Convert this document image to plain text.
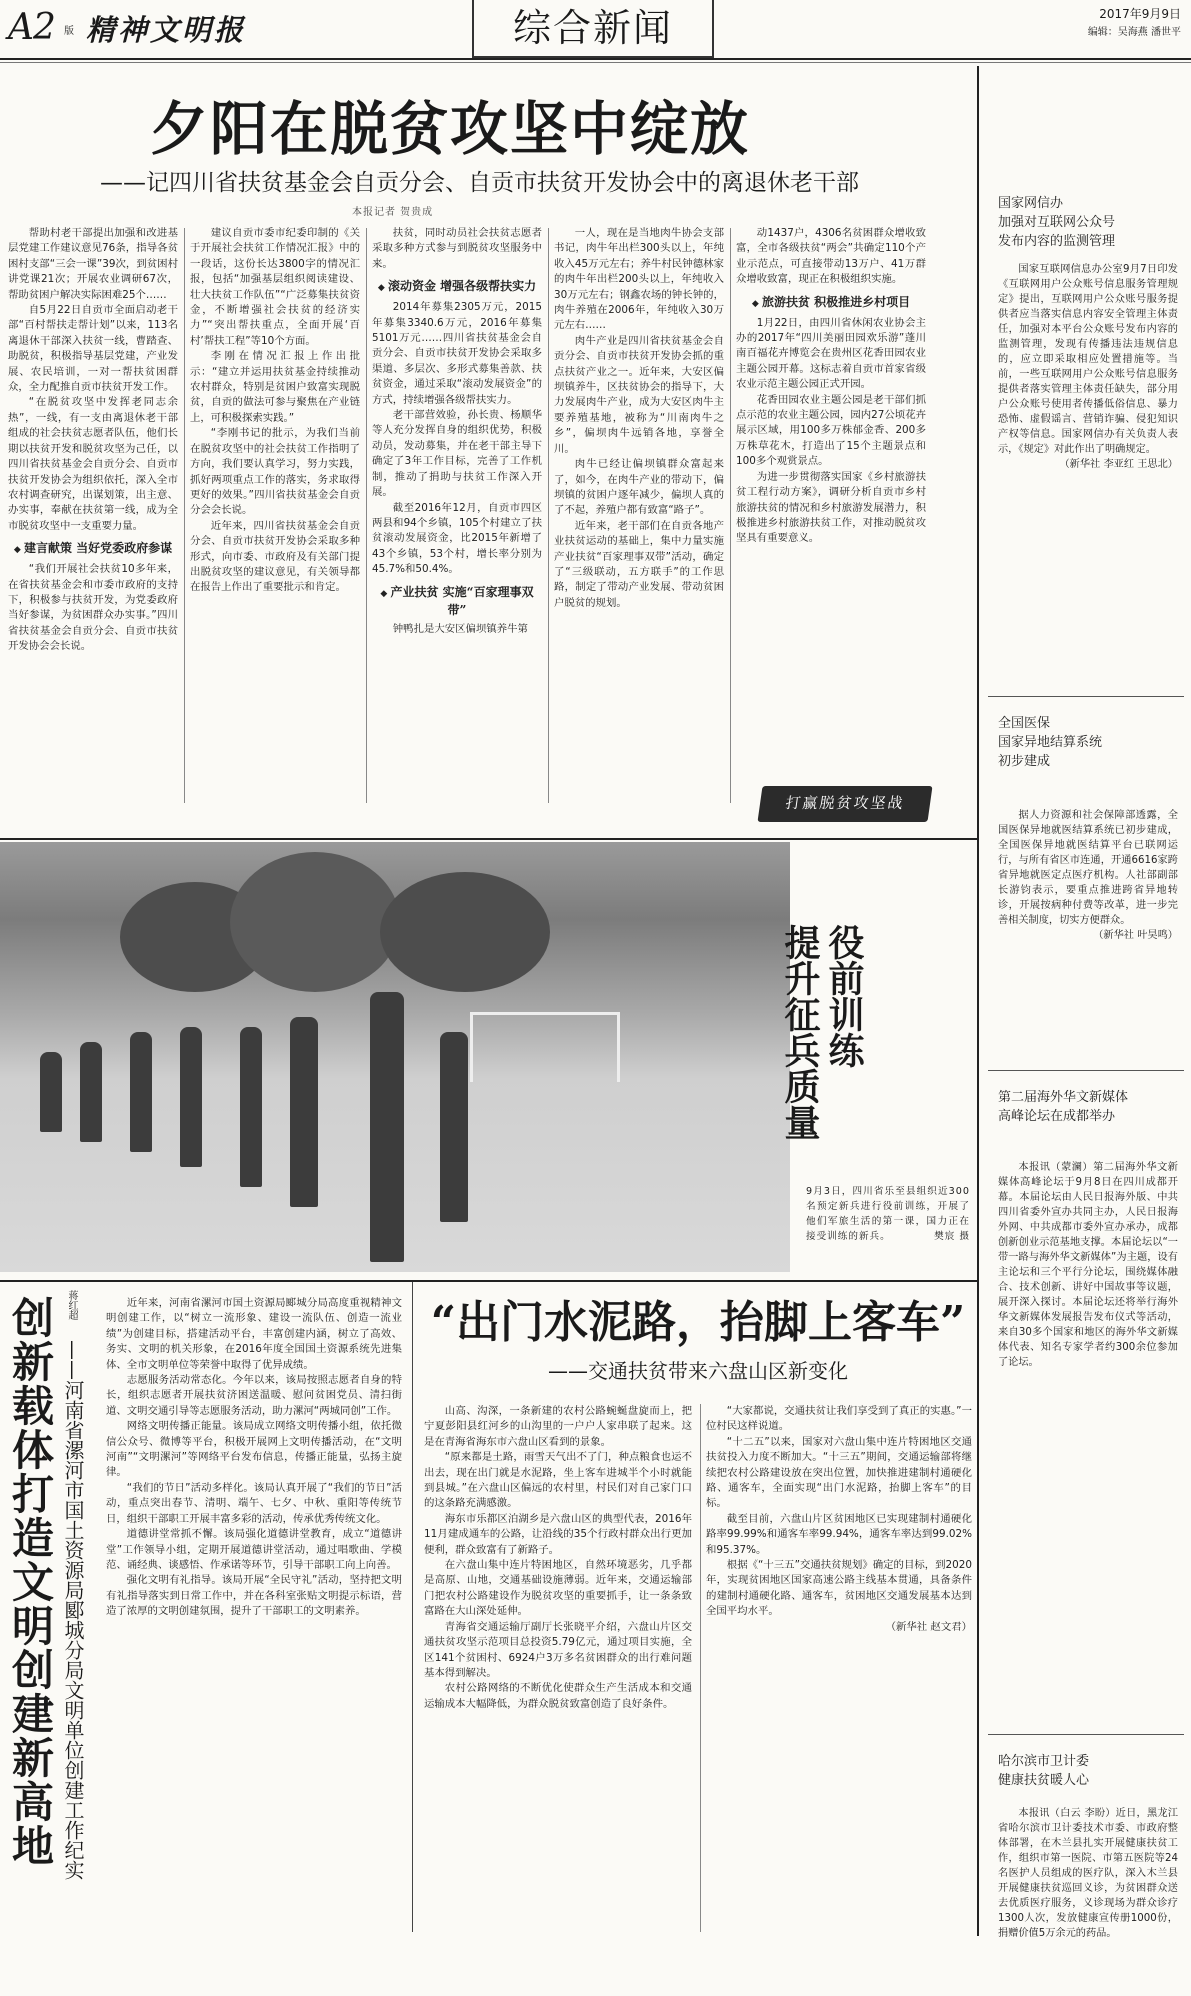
A2 版 精神文明报	综合新闻	2017年9月9日
编辑：吴海燕 潘世平
夕阳在脱贫攻坚中绽放
——记四川省扶贫基金会自贡分会、自贡市扶贫开发协会中的离退休老干部
本报记者 贺贵成

帮助村老干部提出加强和改进基层党建工作建议意见76条，指导各贫困村支部“三会一课”39次，到贫困村讲党课21次；开展农业调研67次，帮助贫困户解决实际困难25个……

自5月22日自贡市全面启动老干部“百村帮扶走帮计划”以来，113名离退休干部深入扶贫一线，曹踏查、助脱贫，积极指导基层党建，产业发展、农民培训，一对一帮扶贫困群众，全力配推自贡市扶贫开发工作。

“在脱贫攻坚中发挥老同志余热”，一线，有一支由离退休老干部组成的社会扶贫志愿者队伍，他们长期以扶贫开发和脱贫攻坚为己任，以四川省扶贫基金会自贡分会、自贡市扶贫开发协会为组织依托，深入全市农村调查研究，出谋划策，出主意、办实事，奉献在扶贫第一线，成为全市脱贫攻坚中一支重要力量。

◆ 建言献策 当好党委政府参谋

“我们开展社会扶贫10多年来，在省扶贫基金会和市委市政府的支持下，积极参与扶贫开发，为党委政府当好参谋，为贫困群众办实事。”四川省扶贫基金会自贡分会、自贡市扶贫开发协会会长说。

建议自贡市委市纪委印制的《关于开展社会扶贫工作情况汇报》中的一段话，这份长达3800字的情况汇报，包括“加强基层组织阅读建设、壮大扶贫工作队伍”“广泛募集扶贫资金，不断增强社会扶贫的经济实力”“突出帮扶重点，全面开展‘百村’帮扶工程”等10个方面。

李刚在情况汇报上作出批示：“建立并运用扶贫基金持续推动农村群众，特别是贫困户致富实现脱贫，自贡的做法可参与聚焦在产业链上，可积极探索实践。”

“李刚书记的批示，为我们当前在脱贫攻坚中的社会扶贫工作指明了方向，我们要认真学习，努力实践，抓好两项重点工作的落实，务求取得更好的效果。”四川省扶贫基金会自贡分会会长说。

近年来，四川省扶贫基金会自贡分会、自贡市扶贫开发协会采取多种形式，向市委、市政府及有关部门提出脱贫攻坚的建议意见，有关领导都在报告上作出了重要批示和肯定。

扶贫，同时动员社会扶贫志愿者采取多种方式参与到脱贫攻坚服务中来。

◆ 滚动资金 增强各级帮扶实力

2014年募集2305万元，2015年募集3340.6万元，2016年募集5101万元……四川省扶贫基金会自贡分会、自贡市扶贫开发协会采取多渠道、多层次、多形式募集善款、扶贫资金，通过采取“滚动发展资金”的方式，持续增强各级帮扶实力。

老干部营效验，孙长贵、杨顺华等人充分发挥自身的组织优势，积极动员，发动募集，并在老干部主导下确定了3年工作目标，完善了工作机制，推动了捐助与扶贫工作深入开展。

截至2016年12月，自贡市四区两县和94个乡镇，105个村建立了扶贫滚动发展资金，比2015年新增了43个乡镇，53个村，增长率分别为45.7%和50.4%。

◆ 产业扶贫 实施“百家理事双带”

钟鸭扎是大安区偏坝镇养牛第

一人，现在是当地肉牛协会支部书记，肉牛年出栏300头以上，年纯收入45万元左右；养牛村民钟德林家的肉牛年出栏200头以上，年纯收入30万元左右；钢鑫农场的钟长钟的，肉牛养殖在2006年，年纯收入30万元左右……

肉牛产业是四川省扶贫基金会自贡分会、自贡市扶贫开发协会抓的重点扶贫产业之一。近年来，大安区偏坝镇养牛，区扶贫协会的指导下，大力发展肉牛产业，成为大安区肉牛主要养殖基地，被称为“川南肉牛之乡”，偏坝肉牛远销各地，享誉全川。

肉牛已经让偏坝镇群众富起来了，如今，在肉牛产业的带动下，偏坝镇的贫困户逐年减少，偏坝人真的了不起，养殖户都有致富“路子”。

近年来，老干部们在自贡各地产业扶贫运动的基础上，集中力量实施产业扶贫“百家理事双带”活动，确定了“三级联动，五方联手”的工作思路，制定了带动产业发展、带动贫困户脱贫的规划。

动1437户，4306名贫困群众增收致富，全市各级扶贫“两会”共确定110个产业示范点，可直接带动13万户、41万群众增收致富，现正在积极组织实施。

◆ 旅游扶贫 积极推进乡村项目

1月22日，由四川省休闲农业协会主办的2017年“四川美丽田园欢乐游”蓬川南百福花卉博览会在贵州区花香田园农业主题公园开幕。这标志着自贡市首家省级农业示范主题公园正式开园。

花香田园农业主题公园是老干部们抓点示范的农业主题公园，园内27公顷花卉展示区域，用100多万株郁金香、200多万株草花木，打造出了15个主题景点和100多个观赏景点。

为进一步贯彻落实国家《乡村旅游扶贫工程行动方案》，调研分析自贡市乡村旅游扶贫的情况和乡村旅游发展潜力，积极推进乡村旅游扶贫工作，对推动脱贫攻坚具有重要意义。

打赢脱贫攻坚战
国家网信办
加强对互联网公众号
发布内容的监测管理

国家互联网信息办公室9月7日印发《互联网用户公众账号信息服务管理规定》提出，互联网用户公众账号服务提供者应当落实信息内容安全管理主体责任，加强对本平台公众账号发布内容的监测管理，发现有传播违法违规信息的，应立即采取相应处置措施等。当前，一些互联网用户公众账号信息服务提供者落实管理主体责任缺失，部分用户公众账号使用者传播低俗信息、暴力恐怖、虚假谣言、营销诈骗、侵犯知识产权等信息。国家网信办有关负责人表示，《规定》对此作出了明确规定。

（新华社 李亚红 王思北）
全国医保
国家异地结算系统
初步建成

据人力资源和社会保障部透露，全国医保异地就医结算系统已初步建成，全国医保异地就医结算平台已联网运行，与所有省区市连通，开通6616家跨省异地就医定点医疗机构。人社部副部长游钧表示，要重点推进跨省异地转诊，开展按病种付费等改革，进一步完善相关制度，切实方便群众。

（新华社 叶昊鸣）
第二届海外华文新媒体
高峰论坛在成都举办

本报讯（蒙澜）第二届海外华文新媒体高峰论坛于9月8日在四川成都开幕。本届论坛由人民日报海外版、中共四川省委外宣办共同主办，人民日报海外网、中共成都市委外宣办承办，成都创新创业示范基地支撑。本届论坛以“一带一路与海外华文新媒体”为主题，设有主论坛和三个平行分论坛，围绕媒体融合、技术创新、讲好中国故事等议题，展开深入探讨。本届论坛还将举行海外华文新媒体发展报告发布仪式等活动，来自30多个国家和地区的海外华文新媒体代表、知名专家学者约300余位参加了论坛。

哈尔滨市卫计委
健康扶贫暖人心

本报讯（白云 李盼）近日，黑龙江省哈尔滨市卫计委技术市委、市政府整体部署，在木兰县扎实开展健康扶贫工作，组织市第一医院、市第五医院等24名医护人员组成的医疗队，深入木兰县开展健康扶贫巡回义诊，为贫困群众送去优质医疗服务，义诊现场为群众诊疗1300人次，发放健康宣传册1000份，捐赠价值5万余元的药品。

役前训练
提升征兵质量
9月3日，四川省乐至县组织近300名预定新兵进行役前训练，开展了他们军旅生活的第一课，国力正在接受训练的新兵。	樊宸 摄
创新载体打造文明创建新高地	蒋红超
——河南省漯河市国土资源局郾城分局文明单位创建工作纪实

近年来，河南省漯河市国土资源局郾城分局高度重视精神文明创建工作，以“树立一流形象、建设一流队伍、创造一流业绩”为创建目标，搭建活动平台，丰富创建内涵，树立了高效、务实、文明的机关形象，在2016年度全国国土资源系统先进集体、全市文明单位等荣誉中取得了优异成绩。

志愿服务活动常态化。今年以来，该局按照志愿者自身的特长，组织志愿者开展扶贫济困送温暖、慰问贫困党员、清扫街道、文明交通引导等志愿服务活动，助力漯河“两城同创”工作。

网络文明传播正能量。该局成立网络文明传播小组，依托微信公众号、微博等平台，积极开展网上文明传播活动，在“文明河南”“文明漯河”等网络平台发布信息，传播正能量，弘扬主旋律。

“我们的节日”活动多样化。该局认真开展了“我们的节日”活动，重点突出春节、清明、端午、七夕、中秋、重阳等传统节日，组织干部职工开展丰富多彩的活动，传承优秀传统文化。

道德讲堂常抓不懈。该局强化道德讲堂教育，成立“道德讲堂”工作领导小组，定期开展道德讲堂活动，通过唱歌曲、学模范、诵经典、谈感悟、作承诺等环节，引导干部职工向上向善。

强化文明有礼指导。该局开展“全民守礼”活动，坚持把文明有礼指导落实到日常工作中，并在各科室张贴文明提示标语，营造了浓厚的文明创建氛围，提升了干部职工的文明素养。

“出门水泥路，抬脚上客车”
——交通扶贫带来六盘山区新变化

山高、沟深，一条新建的农村公路蜿蜒盘旋而上，把宁夏彭阳县红河乡的山沟里的一户户人家串联了起来。这是在青海省海东市六盘山区看到的景象。

“原来都是土路，雨雪天气出不了门，种点粮食也运不出去，现在出门就是水泥路，坐上客车进城半个小时就能到县城。”在六盘山区偏远的农村里，村民们对自己家门口的这条路充满感激。

海东市乐都区泊湖乡是六盘山区的典型代表，2016年11月建成通车的公路，让沿线的35个行政村群众出行更加便利，群众致富有了新路子。

在六盘山集中连片特困地区，自然环境恶劣，几乎都是高原、山地，交通基础设施薄弱。近年来，交通运输部门把农村公路建设作为脱贫攻坚的重要抓手，让一条条致富路在大山深处延伸。

青海省交通运输厅副厅长张晓平介绍，六盘山片区交通扶贫攻坚示范项目总投资5.79亿元，通过项目实施，全区141个贫困村、6924户3万多名贫困群众的出行难问题基本得到解决。

农村公路网络的不断优化使群众生产生活成本和交通运输成本大幅降低，为群众脱贫致富创造了良好条件。

“大家都说，交通扶贫让我们享受到了真正的实惠。”一位村民这样说道。

“十二五”以来，国家对六盘山集中连片特困地区交通扶贫投入力度不断加大。“十三五”期间，交通运输部将继续把农村公路建设放在突出位置，加快推进建制村通硬化路、通客车，全面实现“出门水泥路，抬脚上客车”的目标。

截至目前，六盘山片区贫困地区已实现建制村通硬化路率99.99%和通客车率99.94%，通客车率达到99.02%和95.37%。

根据《“十三五”交通扶贫规划》确定的目标，到2020年，实现贫困地区国家高速公路主线基本贯通，具备条件的建制村通硬化路、通客车，贫困地区交通发展基本达到全国平均水平。

（新华社 赵文君）
